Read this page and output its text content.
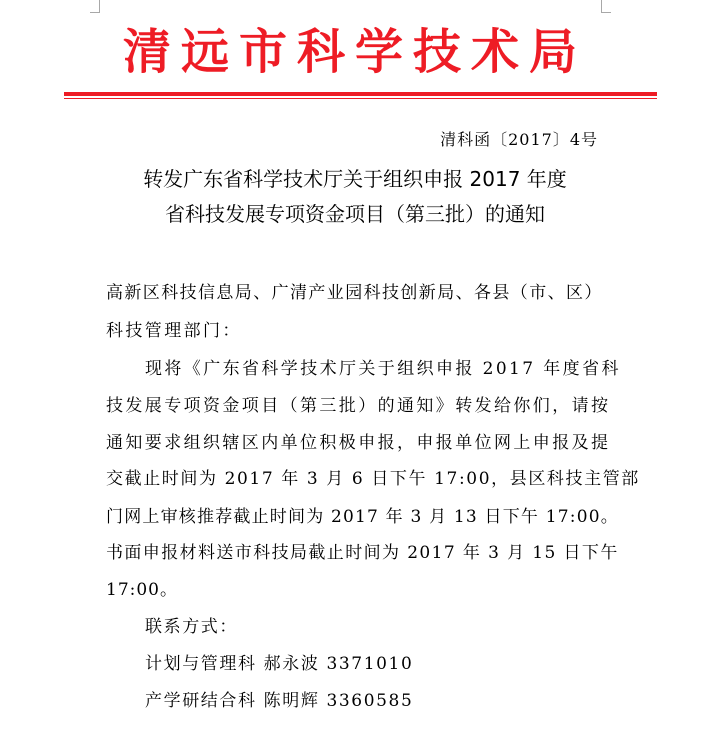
清远市科学技术局
清科函〔2017〕4号
转发广东省科学技术厅关于组织申报 2017 年度
省科技发展专项资金项目（第三批）的通知
高新区科技信息局、广清产业园科技创新局、各县（市、区）
科技管理部门：
现将《广东省科学技术厅关于组织申报 2017 年度省科
技发展专项资金项目（第三批）的通知》转发给你们，请按
通知要求组织辖区内单位积极申报，申报单位网上申报及提
交截止时间为 2017 年 3 月 6 日下午 17:00，县区科技主管部
门网上审核推荐截止时间为 2017 年 3 月 13 日下午 17:00。
书面申报材料送市科技局截止时间为 2017 年 3 月 15 日下午
17:00。
联系方式：
计划与管理科 郝永波 3371010
产学研结合科 陈明辉 3360585
